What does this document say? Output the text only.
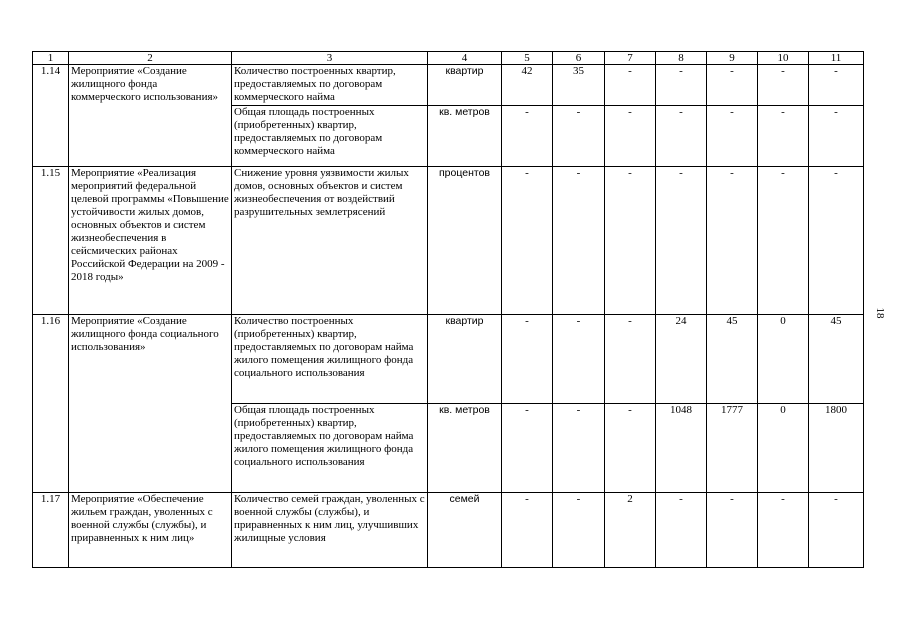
1	2	3	4	5	6	7	8	9	10	11
1.14	Мероприятие «Создание жилищного фонда коммерческого использования»	Количество построенных квартир, предоставляемых по договорам коммерческого найма	квартир	42	35	-	-	-	-	-
		Общая площадь построенных (приобретенных) квартир, предоставляемых по договорам коммерческого найма	кв. метров	-	-	-	-	-	-	-
1.15	Мероприятие «Реализация мероприятий федеральной целевой программы «Повышение устойчивости жилых домов, основных объектов и систем жизнеобеспечения в сейсмических районах Российской Федерации на 2009 - 2018 годы»	Снижение уровня уязвимости жилых домов, основных объектов и систем жизнеобеспечения от воздействий разрушительных землетрясений	процентов	-	-	-	-	-	-	-
1.16	Мероприятие «Создание жилищного фонда социального использования»	Количество построенных (приобретенных) квартир, предоставляемых по договорам найма жилого помещения жилищного фонда социального использования	квартир	-	-	-	24	45	0	45
		Общая площадь построенных (приобретенных) квартир, предоставляемых по договорам найма жилого помещения жилищного фонда социального использования	кв. метров	-	-	-	1048	1777	0	1800
1.17	Мероприятие «Обеспечение жильем граждан, уволенных с военной службы (службы), и приравненных к ним лиц»	Количество семей граждан, уволенных с военной службы (службы), и приравненных к ним лиц, улучшивших жилищные условия	семей	-	-	2	-	-	-	-
18
